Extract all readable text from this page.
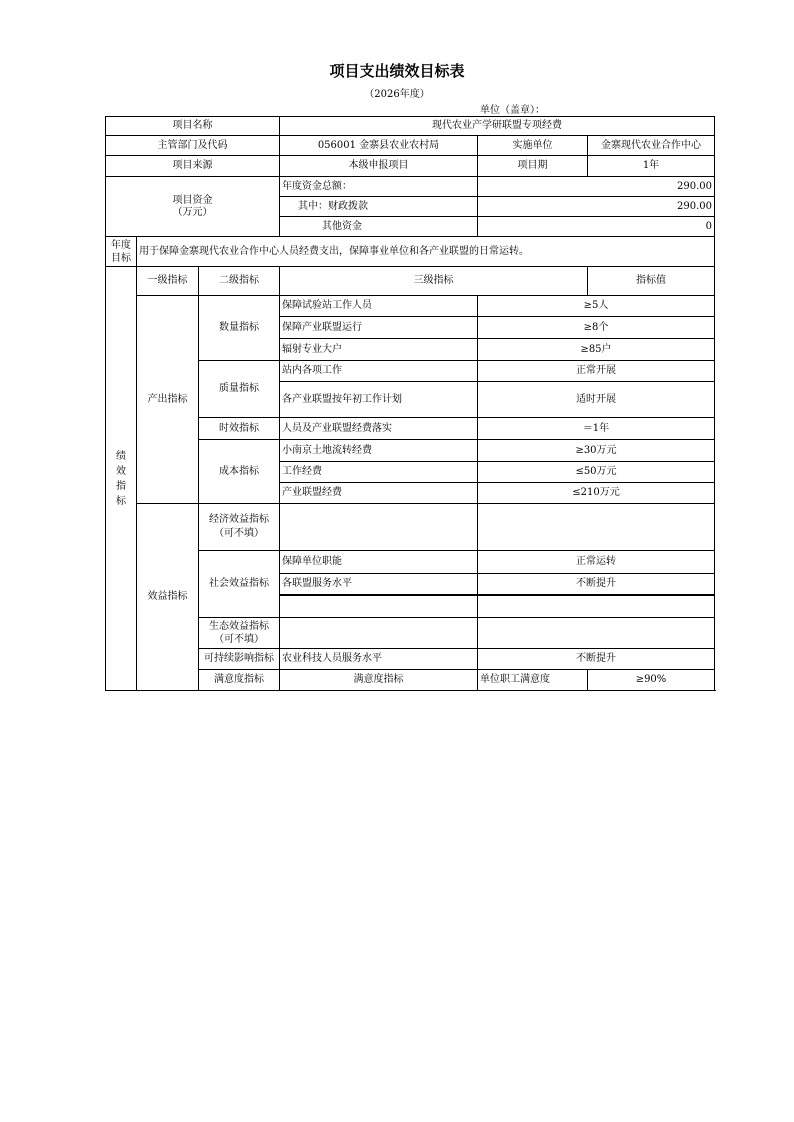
项目支出绩效目标表
（2026年度）
单位（盖章）：
项目名称			现代农业产学研联盟专项经费		
主管部门及代码			056001 金寨县农业农村局	实施单位	金寨现代农业合作中心
项目来源			本级申报项目	项目期	1年

项目资金
（万元）			年度资金总额：	290.00	
			其中：财政拨款	290.00	
			其他资金	0	

年度
目标	用于保障金寨现代农业合作中心人员经费支出，保障事业单位和各产业联盟的日常运转。				

绩
效
指
标	一级指标	二级指标	三级指标		指标值
	产出指标	数量指标	保障试验站工作人员	≥5人	
			保障产业联盟运行	≥8个	
			辐射专业大户	≥85户	
		质量指标	站内各项工作	正常开展	
			各产业联盟按年初工作计划	适时开展	
		时效指标	人员及产业联盟经费落实	＝1年	
		成本指标	小南京土地流转经费	≥30万元	
			工作经费	≤50万元	
			产业联盟经费	≤210万元	
	效益指标	经济效益指标
（可不填）			

		社会效益指标	保障单位职能	正常运转	
			各联盟服务水平	不断提升	

		生态效益指标
（可不填）			

		可持续影响指标	农业科技人员服务水平	不断提升	
		满意度指标	满意度指标	单位职工满意度	≥90%
